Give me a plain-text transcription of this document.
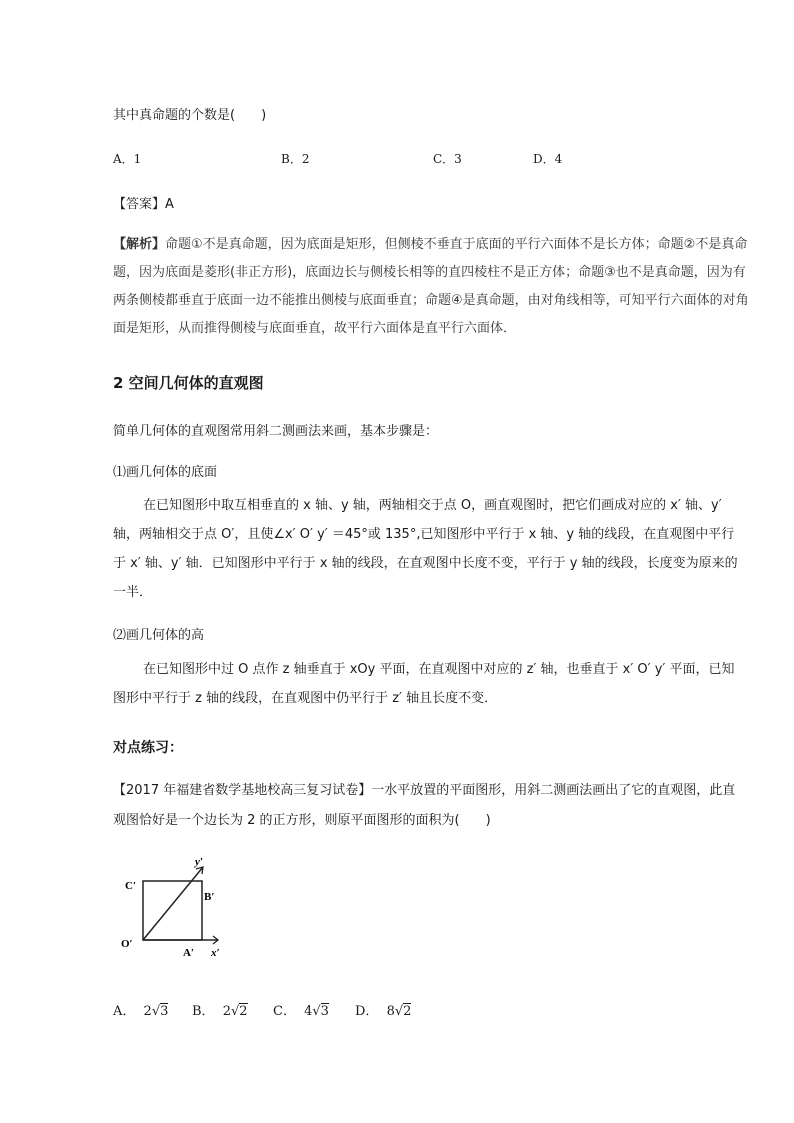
其中真命题的个数是(　　)
A．1	B．2	C．3	D．4
【答案】A
【解析】命题①不是真命题，因为底面是矩形，但侧棱不垂直于底面的平行六面体不是长方体；命题②不是真命题，因为底面是菱形(非正方形)，底面边长与侧棱长相等的直四棱柱不是正方体；命题③也不是真命题，因为有两条侧棱都垂直于底面一边不能推出侧棱与底面垂直；命题④是真命题，由对角线相等，可知平行六面体的对角面是矩形，从而推得侧棱与底面垂直，故平行六面体是直平行六面体．
2 空间几何体的直观图
简单几何体的直观图常用斜二测画法来画，基本步骤是：
⑴画几何体的底面
在已知图形中取互相垂直的 x 轴、y 轴，两轴相交于点 O，画直观图时，把它们画成对应的 x′ 轴、y′ 轴，两轴相交于点 O′，且使∠x′ O′ y′ ＝45°或 135°,已知图形中平行于 x 轴、y 轴的线段，在直观图中平行于 x′ 轴、y′ 轴．已知图形中平行于 x 轴的线段，在直观图中长度不变，平行于 y 轴的线段，长度变为原来的一半．
⑵画几何体的高
在已知图形中过 O 点作 z 轴垂直于 xOy 平面，在直观图中对应的 z′ 轴，也垂直于 x′ O′ y′ 平面，已知图形中平行于 z 轴的线段，在直观图中仍平行于 z′ 轴且长度不变．
对点练习：
【2017 年福建省数学基地校高三复习试卷】一水平放置的平面图形，用斜二测画法画出了它的直观图，此直观图恰好是一个边长为 2 的正方形，则原平面图形的面积为(　　)
C′
y′
B′
O′
A′ x′
A． 2√3 B． 2√2 C． 4√3 D． 8√2
